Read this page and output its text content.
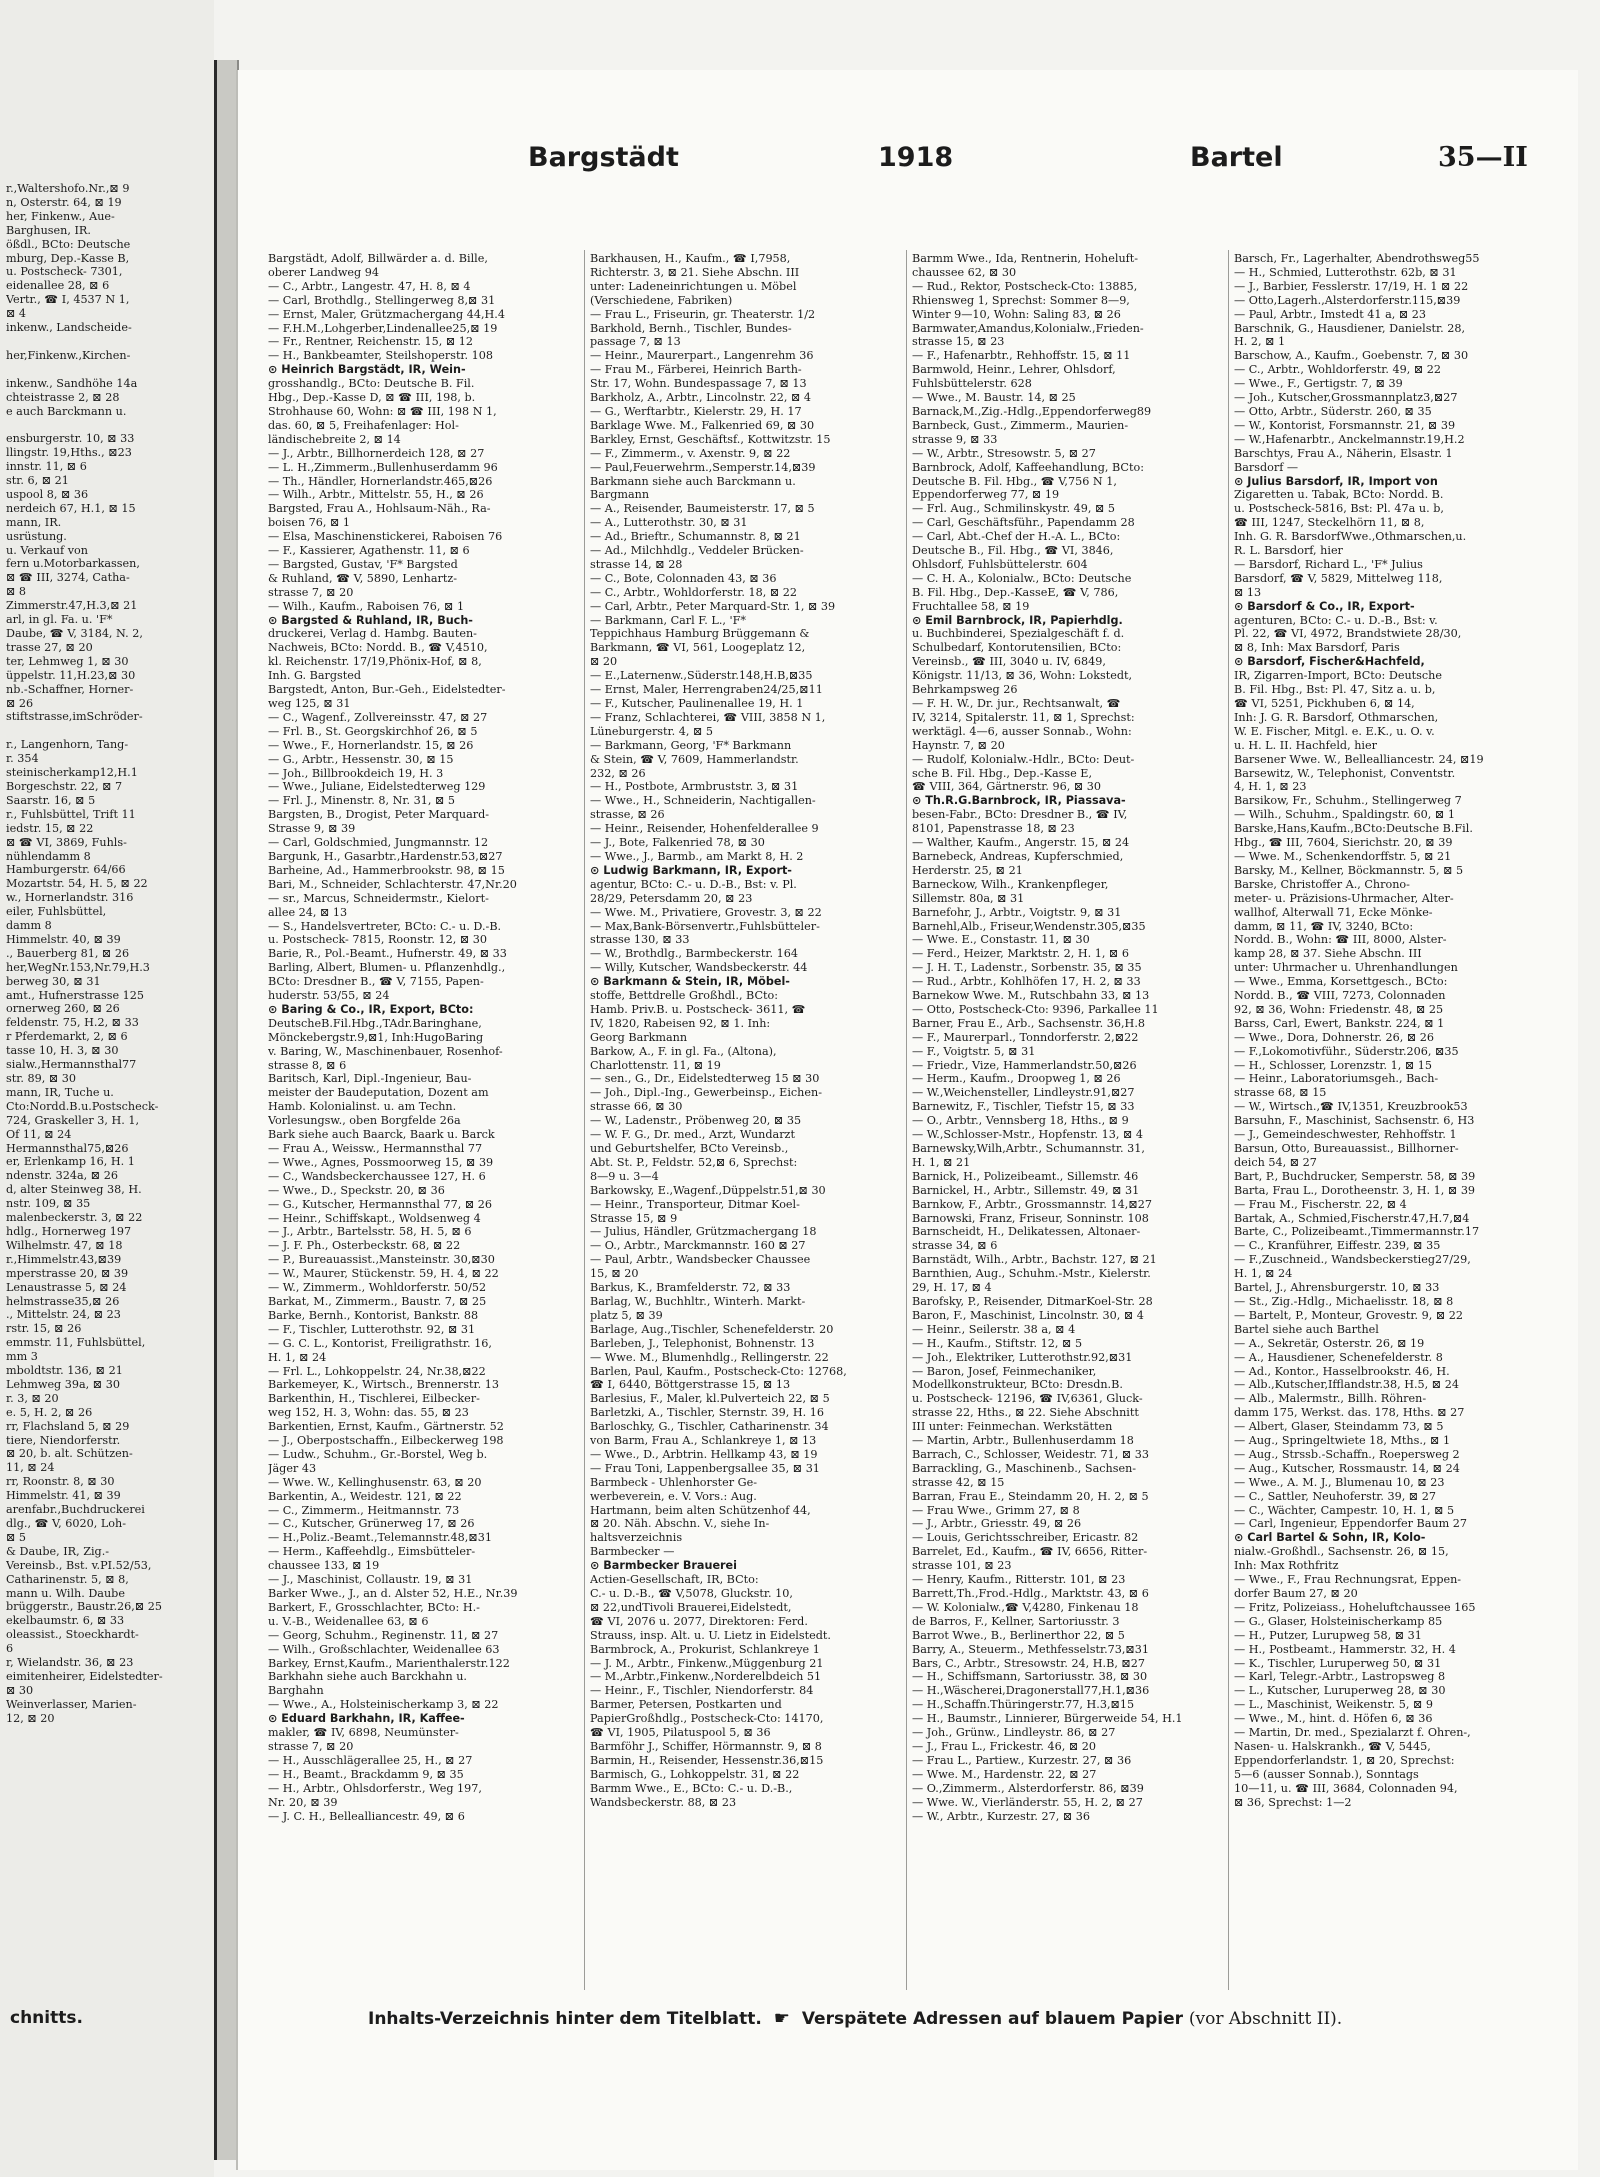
r.,Waltershofo.Nr.,⊠ 9
n, Osterstr. 64, ⊠ 19
her, Finkenw., Aue-
Barghusen, IR.
ößdl., BCto: Deutsche
mburg, Dep.-Kasse B,
u. Postscheck- 7301,
eidenallee 28, ⊠ 6
Vertr., ☎ I, 4537 N 1,
⊠ 4
inkenw., Landscheide-

her,Finkenw.,Kirchen-

inkenw., Sandhöhe 14a
chteistrasse 2, ⊠ 28
e auch Barckmann u.

ensburgerstr. 10, ⊠ 33
llingstr. 19,Hths., ⊠23
innstr. 11, ⊠ 6
str. 6, ⊠ 21
uspool 8, ⊠ 36
nerdeich 67, H.1, ⊠ 15
mann, IR.
usrüstung.
u. Verkauf von
fern u.Motorbarkassen,
⊠ ☎ III, 3274, Catha-
⊠ 8
Zimmerstr.47,H.3,⊠ 21
arl, in gl. Fa. u. 'F*
Daube, ☎ V, 3184, N. 2,
trasse 27, ⊠ 20
ter, Lehmweg 1, ⊠ 30
üppelstr. 11,H.23,⊠ 30
nb.-Schaffner, Horner-
⊠ 26
stiftstrasse,imSchröder-

r., Langenhorn, Tang-
r. 354
steinischerkamp12,H.1
Borgeschstr. 22, ⊠ 7
Saarstr. 16, ⊠ 5
r., Fuhlsbüttel, Trift 11
iedstr. 15, ⊠ 22
⊠ ☎ VI, 3869, Fuhls-
nühlendamm 8
Hamburgerstr. 64/66
Mozartstr. 54, H. 5, ⊠ 22
w., Hornerlandstr. 316
eiler, Fuhlsbüttel,
damm 8
Himmelstr. 40, ⊠ 39
., Bauerberg 81, ⊠ 26
her,WegNr.153,Nr.79,H.3
berweg 30, ⊠ 31
amt., Hufnerstrasse 125
ornerweg 260, ⊠ 26
feldenstr. 75, H.2, ⊠ 33
r Pferdemarkt, 2, ⊠ 6
tasse 10, H. 3, ⊠ 30
sialw.,Hermannsthal77
str. 89, ⊠ 30
mann, IR, Tuche u.
Cto:Nordd.B.u.Postscheck-
724, Graskeller 3, H. 1,
Of 11, ⊠ 24
Hermannsthal75,⊠26
er, Erlenkamp 16, H. 1
ndenstr. 324a, ⊠ 26
d, alter Steinweg 38, H.
nstr. 109, ⊠ 35
malenbeckerstr. 3, ⊠ 22
hdlg., Hornerweg 197
Wilhelmstr. 47, ⊠ 18
r.,Himmelstr.43,⊠39
mperstrasse 20, ⊠ 39
Lenaustrasse 5, ⊠ 24
helmstrasse35,⊠ 26
., Mittelstr. 24, ⊠ 23
rstr. 15, ⊠ 26
emmstr. 11, Fuhlsbüttel,
mm 3
mboldtstr. 136, ⊠ 21
Lehmweg 39a, ⊠ 30
r. 3, ⊠ 20
e. 5, H. 2, ⊠ 26
rr, Flachsland 5, ⊠ 29
tiere, Niendorferstr.
⊠ 20, b. alt. Schützen-
11, ⊠ 24
rr, Roonstr. 8, ⊠ 30
Himmelstr. 41, ⊠ 39
arenfabr.,Buchdruckerei
dlg., ☎ V, 6020, Loh-
⊠ 5
& Daube, IR, Zig.-
Vereinsb., Bst. v.PI.52/53,
Catharinenstr. 5, ⊠ 8,
mann u. Wilh. Daube
brüggerstr., Baustr.26,⊠ 25
ekelbaumstr. 6, ⊠ 33
oleassist., Stoeckhardt-
6
r, Wielandstr. 36, ⊠ 23
eimitenheirer, Eidelstedter-
⊠ 30
Weinverlasser, Marien-
12, ⊠ 20
chnitts.
Bargstädt	1918	Bartel	35—II
Bargstädt, Adolf, Billwärder a. d. Bille,
oberer Landweg 94
— C., Arbtr., Langestr. 47, H. 8, ⊠ 4
— Carl, Brothdlg., Stellingerweg 8,⊠ 31
— Ernst, Maler, Grützmachergang 44,H.4
— F.H.M.,Lohgerber,Lindenallee25,⊠ 19
— Fr., Rentner, Reichenstr. 15, ⊠ 12
— H., Bankbeamter, Steilshoperstr. 108
⊙ Heinrich Bargstädt, IR, Wein-
grosshandlg., BCto: Deutsche B. Fil.
Hbg., Dep.-Kasse D, ⊠ ☎ III, 198, b.
Strohhause 60, Wohn: ⊠ ☎ III, 198 N 1,
das. 60, ⊠ 5, Freihafenlager: Hol-
ländischebreite 2, ⊠ 14
— J., Arbtr., Billhornerdeich 128, ⊠ 27
— L. H.,Zimmerm.,Bullenhuserdamm 96
— Th., Händler, Hornerlandstr.465,⊠26
— Wilh., Arbtr., Mittelstr. 55, H., ⊠ 26
Bargsted, Frau A., Hohlsaum-Näh., Ra-
boisen 76, ⊠ 1
— Elsa, Maschinenstickerei, Raboisen 76
— F., Kassierer, Agathenstr. 11, ⊠ 6
— Bargsted, Gustav, 'F* Bargsted
& Ruhland, ☎ V, 5890, Lenhartz-
strasse 7, ⊠ 20
— Wilh., Kaufm., Raboisen 76, ⊠ 1
⊙ Bargsted & Ruhland, IR, Buch-
druckerei, Verlag d. Hambg. Bauten-
Nachweis, BCto: Nordd. B., ☎ V,4510,
kl. Reichenstr. 17/19,Phönix-Hof, ⊠ 8,
Inh. G. Bargsted
Bargstedt, Anton, Bur.-Geh., Eidelstedter-
weg 125, ⊠ 31
— C., Wagenf., Zollvereinsstr. 47, ⊠ 27
— Frl. B., St. Georgskirchhof 26, ⊠ 5
— Wwe., F., Hornerlandstr. 15, ⊠ 26
— G., Arbtr., Hessenstr. 30, ⊠ 15
— Joh., Billbrookdeich 19, H. 3
— Wwe., Juliane, Eidelstedterweg 129
— Frl. J., Minenstr. 8, Nr. 31, ⊠ 5
Bargsten, B., Drogist, Peter Marquard-
Strasse 9, ⊠ 39
— Carl, Goldschmied, Jungmannstr. 12
Bargunk, H., Gasarbtr.,Hardenstr.53,⊠27
Barheine, Ad., Hammerbrookstr. 98, ⊠ 15
Bari, M., Schneider, Schlachterstr. 47,Nr.20
— sr., Marcus, Schneidermstr., Kielort-
allee 24, ⊠ 13
— S., Handelsvertreter, BCto: C.- u. D.-B.
u. Postscheck- 7815, Roonstr. 12, ⊠ 30
Barie, R., Pol.-Beamt., Hufnerstr. 49, ⊠ 33
Barling, Albert, Blumen- u. Pflanzenhdlg.,
BCto: Dresdner B., ☎ V, 7155, Papen-
huderstr. 53/55, ⊠ 24
⊙ Baring & Co., IR, Export, BCto:
DeutscheB.Fil.Hbg.,TAdr.Baringhane,
Mönckebergstr.9,⊠1, Inh:HugoBaring
v. Baring, W., Maschinenbauer, Rosenhof-
strasse 8, ⊠ 6
Baritsch, Karl, Dipl.-Ingenieur, Bau-
meister der Baudeputation, Dozent am
Hamb. Kolonialinst. u. am Techn.
Vorlesungsw., oben Borgfelde 26a
Bark siehe auch Baarck, Baark u. Barck
— Frau A., Weissw., Hermannsthal 77
— Wwe., Agnes, Possmoorweg 15, ⊠ 39
— C., Wandsbeckerchaussee 127, H. 6
— Wwe., D., Speckstr. 20, ⊠ 36
— G., Kutscher, Hermannsthal 77, ⊠ 26
— Heinr., Schiffskapt., Woldsenweg 4
— J., Arbtr., Bartelsstr. 58, H. 5, ⊠ 6
— J. F. Ph., Osterbeckstr. 68, ⊠ 22
— P., Bureauassist.,Mansteinstr. 30,⊠30
— W., Maurer, Stückenstr. 59, H. 4, ⊠ 22
— W., Zimmerm., Wohldorferstr. 50/52
Barkat, M., Zimmerm., Baustr. 7, ⊠ 25
Barke, Bernh., Kontorist, Bankstr. 88
— F., Tischler, Lutterothstr. 92, ⊠ 31
— G. C. L., Kontorist, Freiligrathstr. 16,
H. 1, ⊠ 24
— Frl. L., Lohkoppelstr. 24, Nr.38,⊠22
Barkemeyer, K., Wirtsch., Brennerstr. 13
Barkenthin, H., Tischlerei, Eilbecker-
weg 152, H. 3, Wohn: das. 55, ⊠ 23
Barkentien, Ernst, Kaufm., Gärtnerstr. 52
— J., Oberpostschaffn., Eilbeckerweg 198
— Ludw., Schuhm., Gr.-Borstel, Weg b.
Jäger 43
— Wwe. W., Kellinghusenstr. 63, ⊠ 20
Barkentin, A., Weidestr. 121, ⊠ 22
— C., Zimmerm., Heitmannstr. 73
— C., Kutscher, Grünerweg 17, ⊠ 26
— H.,Poliz.-Beamt.,Telemannstr.48,⊠31
— Herm., Kaffeehdlg., Eimsbütteler-
chaussee 133, ⊠ 19
— J., Maschinist, Collaustr. 19, ⊠ 31
Barker Wwe., J., an d. Alster 52, H.E., Nr.39
Barkert, F., Grosschlachter, BCto: H.-
u. V.-B., Weidenallee 63, ⊠ 6
— Georg, Schuhm., Reginenstr. 11, ⊠ 27
— Wilh., Großschlachter, Weidenallee 63
Barkey, Ernst,Kaufm., Marienthalerstr.122
Barkhahn siehe auch Barckhahn u.
Barghahn
— Wwe., A., Holsteinischerkamp 3, ⊠ 22
⊙ Eduard Barkhahn, IR, Kaffee-
makler, ☎ IV, 6898, Neumünster-
strasse 7, ⊠ 20
— H., Ausschlägerallee 25, H., ⊠ 27
— H., Beamt., Brackdamm 9, ⊠ 35
— H., Arbtr., Ohlsdorferstr., Weg 197,
Nr. 20, ⊠ 39
— J. C. H., Bellealliancestr. 49, ⊠ 6
Barkhausen, H., Kaufm., ☎ I,7958,
Richterstr. 3, ⊠ 21. Siehe Abschn. III
unter: Ladeneinrichtungen u. Möbel
(Verschiedene, Fabriken)
— Frau L., Friseurin, gr. Theaterstr. 1/2
Barkhold, Bernh., Tischler, Bundes-
passage 7, ⊠ 13
— Heinr., Maurerpart., Langenrehm 36
— Frau M., Färberei, Heinrich Barth-
Str. 17, Wohn. Bundespassage 7, ⊠ 13
Barkholz, A., Arbtr., Lincolnstr. 22, ⊠ 4
— G., Werftarbtr., Kielerstr. 29, H. 17
Barklage Wwe. M., Falkenried 69, ⊠ 30
Barkley, Ernst, Geschäftsf., Kottwitzstr. 15
— F., Zimmerm., v. Axenstr. 9, ⊠ 22
— Paul,Feuerwehrm.,Semperstr.14,⊠39
Barkmann siehe auch Barckmann u.
Bargmann
— A., Reisender, Baumeisterstr. 17, ⊠ 5
— A., Lutterothstr. 30, ⊠ 31
— Ad., Brieftr., Schumannstr. 8, ⊠ 21
— Ad., Milchhdlg., Veddeler Brücken-
strasse 14, ⊠ 28
— C., Bote, Colonnaden 43, ⊠ 36
— C., Arbtr., Wohldorferstr. 18, ⊠ 22
— Carl, Arbtr., Peter Marquard-Str. 1, ⊠ 39
— Barkmann, Carl F. L., 'F*
Teppichhaus Hamburg Brüggemann &
Barkmann, ☎ VI, 561, Loogeplatz 12,
⊠ 20
— E.,Laternenw.,Süderstr.148,H.B,⊠35
— Ernst, Maler, Herrengraben24/25,⊠11
— F., Kutscher, Paulinenallee 19, H. 1
— Franz, Schlachterei, ☎ VIII, 3858 N 1,
Lüneburgerstr. 4, ⊠ 5
— Barkmann, Georg, 'F* Barkmann
& Stein, ☎ V, 7609, Hammerlandstr.
232, ⊠ 26
— H., Postbote, Armbruststr. 3, ⊠ 31
— Wwe., H., Schneiderin, Nachtigallen-
strasse, ⊠ 26
— Heinr., Reisender, Hohenfelderallee 9
— J., Bote, Falkenried 78, ⊠ 30
— Wwe., J., Barmb., am Markt 8, H. 2
⊙ Ludwig Barkmann, IR, Export-
agentur, BCto: C.- u. D.-B., Bst: v. Pl.
28/29, Petersdamm 20, ⊠ 23
— Wwe. M., Privatiere, Grovestr. 3, ⊠ 22
— Max,Bank-Börsenvertr.,Fuhlsbütteler-
strasse 130, ⊠ 33
— W., Brothdlg., Barmbeckerstr. 164
— Willy, Kutscher, Wandsbeckerstr. 44
⊙ Barkmann & Stein, IR, Möbel-
stoffe, Bettdrelle Großhdl., BCto:
Hamb. Priv.B. u. Postscheck- 3611, ☎
IV, 1820, Rabeisen 92, ⊠ 1. Inh:
Georg Barkmann
Barkow, A., F. in gl. Fa., (Altona),
Charlottenstr. 11, ⊠ 19
— sen., G., Dr., Eidelstedterweg 15 ⊠ 30
— Joh., Dipl.-Ing., Gewerbeinsp., Eichen-
strasse 66, ⊠ 30
— W., Ladenstr., Pröbenweg 20, ⊠ 35
— W. F. G., Dr. med., Arzt, Wundarzt
und Geburtshelfer, BCto Vereinsb.,
Abt. St. P., Feldstr. 52,⊠ 6, Sprechst:
8—9 u. 3—4
Barkowsky, E.,Wagenf.,Düppelstr.51,⊠ 30
— Heinr., Transporteur, Ditmar Koel-
Strasse 15, ⊠ 9
— Julius, Händler, Grützmachergang 18
— O., Arbtr., Marckmannstr. 160 ⊠ 27
— Paul, Arbtr., Wandsbecker Chaussee
15, ⊠ 20
Barkus, K., Bramfelderstr. 72, ⊠ 33
Barlag, W., Buchhltr., Winterh. Markt-
platz 5, ⊠ 39
Barlage, Aug.,Tischler, Schenefelderstr. 20
Barleben, J., Telephonist, Bohnenstr. 13
— Wwe. M., Blumenhdlg., Rellingerstr. 22
Barlen, Paul, Kaufm., Postscheck-Cto: 12768,
☎ I, 6440, Böttgerstrasse 15, ⊠ 13
Barlesius, F., Maler, kl.Pulverteich 22, ⊠ 5
Barletzki, A., Tischler, Sternstr. 39, H. 16
Barloschky, G., Tischler, Catharinenstr. 34
von Barm, Frau A., Schlankreye 1, ⊠ 13
— Wwe., D., Arbtrin. Hellkamp 43, ⊠ 19
— Frau Toni, Lappenbergsallee 35, ⊠ 31
Barmbeck - Uhlenhorster Ge-
werbeverein, e. V. Vors.: Aug.
Hartmann, beim alten Schützenhof 44,
⊠ 20. Näh. Abschn. V., siehe In-
haltsverzeichnis
Barmbecker —
⊙ Barmbecker Brauerei
Actien-Gesellschaft, IR, BCto:
C.- u. D.-B., ☎ V,5078, Gluckstr. 10,
⊠ 22,undTivoli Brauerei,Eidelstedt,
☎ VI, 2076 u. 2077, Direktoren: Ferd.
Strauss, insp. Alt. u. U. Lietz in Eidelstedt.
Barmbrock, A., Prokurist, Schlankreye 1
— J. M., Arbtr., Finkenw.,Müggenburg 21
— M.,Arbtr.,Finkenw.,Norderelbdeich 51
— Heinr., F., Tischler, Niendorferstr. 84
Barmer, Petersen, Postkarten und
PapierGroßhdlg., Postscheck-Cto: 14170,
☎ VI, 1905, Pilatuspool 5, ⊠ 36
Barmföhr J., Schiffer, Hörmannstr. 9, ⊠ 8
Barmin, H., Reisender, Hessenstr.36,⊠15
Barmisch, G., Lohkoppelstr. 31, ⊠ 22
Barmm Wwe., E., BCto: C.- u. D.-B.,
Wandsbeckerstr. 88, ⊠ 23
Barmm Wwe., Ida, Rentnerin, Hoheluft-
chaussee 62, ⊠ 30
— Rud., Rektor, Postscheck-Cto: 13885,
Rhiensweg 1, Sprechst: Sommer 8—9,
Winter 9—10, Wohn: Saling 83, ⊠ 26
Barmwater,Amandus,Kolonialw.,Frieden-
strasse 15, ⊠ 23
— F., Hafenarbtr., Rehhoffstr. 15, ⊠ 11
Barmwold, Heinr., Lehrer, Ohlsdorf,
Fuhlsbüttelerstr. 628
— Wwe., M. Baustr. 14, ⊠ 25
Barnack,M.,Zig.-Hdlg.,Eppendorferweg89
Barnbeck, Gust., Zimmerm., Maurien-
strasse 9, ⊠ 33
— W., Arbtr., Stresowstr. 5, ⊠ 27
Barnbrock, Adolf, Kaffeehandlung, BCto:
Deutsche B. Fil. Hbg., ☎ V,756 N 1,
Eppendorferweg 77, ⊠ 19
— Frl. Aug., Schmilinskystr. 49, ⊠ 5
— Carl, Geschäftsführ., Papendamm 28
— Carl, Abt.-Chef der H.-A. L., BCto:
Deutsche B., Fil. Hbg., ☎ VI, 3846,
Ohlsdorf, Fuhlsbüttelerstr. 604
— C. H. A., Kolonialw., BCto: Deutsche
B. Fil. Hbg., Dep.-KasseE, ☎ V, 786,
Fruchtallee 58, ⊠ 19
⊙ Emil Barnbrock, IR, Papierhdlg.
u. Buchbinderei, Spezialgeschäft f. d.
Schulbedarf, Kontorutensilien, BCto:
Vereinsb., ☎ III, 3040 u. IV, 6849,
Königstr. 11/13, ⊠ 36, Wohn: Lokstedt,
Behrkampsweg 26
— F. H. W., Dr. jur., Rechtsanwalt, ☎
IV, 3214, Spitalerstr. 11, ⊠ 1, Sprechst:
werktägl. 4—6, ausser Sonnab., Wohn:
Haynstr. 7, ⊠ 20
— Rudolf, Kolonialw.-Hdlr., BCto: Deut-
sche B. Fil. Hbg., Dep.-Kasse E,
☎ VIII, 364, Gärtnerstr. 96, ⊠ 30
⊙ Th.R.G.Barnbrock, IR, Piassava-
besen-Fabr., BCto: Dresdner B., ☎ IV,
8101, Papenstrasse 18, ⊠ 23
— Walther, Kaufm., Angerstr. 15, ⊠ 24
Barnebeck, Andreas, Kupferschmied,
Herderstr. 25, ⊠ 21
Barneckow, Wilh., Krankenpfleger,
Sillemstr. 80a, ⊠ 31
Barnefohr, J., Arbtr., Voigtstr. 9, ⊠ 31
Barnehl,Alb., Friseur,Wendenstr.305,⊠35
— Wwe. E., Constastr. 11, ⊠ 30
— Ferd., Heizer, Marktstr. 2, H. 1, ⊠ 6
— J. H. T., Ladenstr., Sorbenstr. 35, ⊠ 35
— Rud., Arbtr., Kohlhöfen 17, H. 2, ⊠ 33
Barnekow Wwe. M., Rutschbahn 33, ⊠ 13
— Otto, Postscheck-Cto: 9396, Parkallee 11
Barner, Frau E., Arb., Sachsenstr. 36,H.8
— F., Maurerparl., Tonndorferstr. 2,⊠22
— F., Voigtstr. 5, ⊠ 31
— Friedr., Vize, Hammerlandstr.50,⊠26
— Herm., Kaufm., Droopweg 1, ⊠ 26
— W.,Weichensteller, Lindleystr.91,⊠27
Barnewitz, F., Tischler, Tiefstr 15, ⊠ 33
— O., Arbtr., Vennsberg 18, Hths., ⊠ 9
— W.,Schlosser-Mstr., Hopfenstr. 13, ⊠ 4
Barnewsky,Wilh,Arbtr., Schumannstr. 31,
H. 1, ⊠ 21
Barnick, H., Polizeibeamt., Sillemstr. 46
Barnickel, H., Arbtr., Sillemstr. 49, ⊠ 31
Barnkow, F., Arbtr., Grossmannstr. 14,⊠27
Barnowski, Franz, Friseur, Sonninstr. 108
Barnscheidt, H., Delikatessen, Altonaer-
strasse 34, ⊠ 6
Barnstädt, Wilh., Arbtr., Bachstr. 127, ⊠ 21
Barnthien, Aug., Schuhm.-Mstr., Kielerstr.
29, H. 17, ⊠ 4
Barofsky, P., Reisender, DitmarKoel-Str. 28
Baron, F., Maschinist, Lincolnstr. 30, ⊠ 4
— Heinr., Seilerstr. 38 a, ⊠ 4
— H., Kaufm., Stiftstr. 12, ⊠ 5
— Joh., Elektriker, Lutterothstr.92,⊠31
— Baron, Josef, Feinmechaniker,
Modellkonstrukteur, BCto: Dresdn.B.
u. Postscheck- 12196, ☎ IV,6361, Gluck-
strasse 22, Hths., ⊠ 22. Siehe Abschnitt
III unter: Feinmechan. Werkstätten
— Martin, Arbtr., Bullenhuserdamm 18
Barrach, C., Schlosser, Weidestr. 71, ⊠ 33
Barrackling, G., Maschinenb., Sachsen-
strasse 42, ⊠ 15
Barran, Frau E., Steindamm 20, H. 2, ⊠ 5
— Frau Wwe., Grimm 27, ⊠ 8
— J., Arbtr., Griesstr. 49, ⊠ 26
— Louis, Gerichtsschreiber, Ericastr. 82
Barrelet, Ed., Kaufm., ☎ IV, 6656, Ritter-
strasse 101, ⊠ 23
— Henry, Kaufm., Ritterstr. 101, ⊠ 23
Barrett,Th.,Frod.-Hdlg., Marktstr. 43, ⊠ 6
— W. Kolonialw.,☎ V,4280, Finkenau 18
de Barros, F., Kellner, Sartoriusstr. 3
Barrot Wwe., B., Berlinerthor 22, ⊠ 5
Barry, A., Steuerm., Methfesselstr.73,⊠31
Bars, C., Arbtr., Stresowstr. 24, H.B, ⊠27
— H., Schiffsmann, Sartoriusstr. 38, ⊠ 30
— H.,Wäscherei,Dragonerstall77,H.1,⊠36
— H.,Schaffn.Thüringerstr.77, H.3,⊠15
— H., Baumstr., Linnierer, Bürgerweide 54, H.1
— Joh., Grünw., Lindleystr. 86, ⊠ 27
— J., Frau L., Frickestr. 46, ⊠ 20
— Frau L., Partiew., Kurzestr. 27, ⊠ 36
— Wwe. M., Hardenstr. 22, ⊠ 27
— O.,Zimmerm., Alsterdorferstr. 86, ⊠39
— Wwe. W., Vierländerstr. 55, H. 2, ⊠ 27
— W., Arbtr., Kurzestr. 27, ⊠ 36
Barsch, Fr., Lagerhalter, Abendrothsweg55
— H., Schmied, Lutterothstr. 62b, ⊠ 31
— J., Barbier, Fesslerstr. 17/19, H. 1 ⊠ 22
— Otto,Lagerh.,Alsterdorferstr.115,⊠39
— Paul, Arbtr., Imstedt 41 a, ⊠ 23
Barschnik, G., Hausdiener, Danielstr. 28,
H. 2, ⊠ 1
Barschow, A., Kaufm., Goebenstr. 7, ⊠ 30
— C., Arbtr., Wohldorferstr. 49, ⊠ 22
— Wwe., F., Gertigstr. 7, ⊠ 39
— Joh., Kutscher,Grossmannplatz3,⊠27
— Otto, Arbtr., Süderstr. 260, ⊠ 35
— W., Kontorist, Forsmannstr. 21, ⊠ 39
— W.,Hafenarbtr., Anckelmannstr.19,H.2
Barschtys, Frau A., Näherin, Elsastr. 1
Barsdorf —
⊙ Julius Barsdorf, IR, Import von
Zigaretten u. Tabak, BCto: Nordd. B.
u. Postscheck-5816, Bst: Pl. 47a u. b,
☎ III, 1247, Steckelhörn 11, ⊠ 8,
Inh. G. R. BarsdorfWwe.,Othmarschen,u.
R. L. Barsdorf, hier
— Barsdorf, Richard L., 'F* Julius
Barsdorf, ☎ V, 5829, Mittelweg 118,
⊠ 13
⊙ Barsdorf & Co., IR, Export-
agenturen, BCto: C.- u. D.-B., Bst: v.
Pl. 22, ☎ VI, 4972, Brandstwiete 28/30,
⊠ 8, Inh: Max Barsdorf, Paris
⊙ Barsdorf, Fischer&Hachfeld,
IR, Zigarren-Import, BCto: Deutsche
B. Fil. Hbg., Bst: Pl. 47, Sitz a. u. b,
☎ VI, 5251, Pickhuben 6, ⊠ 14,
Inh: J. G. R. Barsdorf, Othmarschen,
W. E. Fischer, Mitgl. e. E.K., u. O. v.
u. H. L. II. Hachfeld, hier
Barsener Wwe. W., Bellealliancestr. 24, ⊠19
Barsewitz, W., Telephonist, Conventstr.
4, H. 1, ⊠ 23
Barsikow, Fr., Schuhm., Stellingerweg 7
— Wilh., Schuhm., Spaldingstr. 60, ⊠ 1
Barske,Hans,Kaufm.,BCto:Deutsche B.Fil.
Hbg., ☎ III, 7604, Sierichstr. 20, ⊠ 39
— Wwe. M., Schenkendorffstr. 5, ⊠ 21
Barsky, M., Kellner, Böckmannstr. 5, ⊠ 5
Barske, Christoffer A., Chrono-
meter- u. Präzisions-Uhrmacher, Alter-
wallhof, Alterwall 71, Ecke Mönke-
damm, ⊠ 11, ☎ IV, 3240, BCto:
Nordd. B., Wohn: ☎ III, 8000, Alster-
kamp 28, ⊠ 37. Siehe Abschn. III
unter: Uhrmacher u. Uhrenhandlungen
— Wwe., Emma, Korsettgesch., BCto:
Nordd. B., ☎ VIII, 7273, Colonnaden
92, ⊠ 36, Wohn: Friedenstr. 48, ⊠ 25
Barss, Carl, Ewert, Bankstr. 224, ⊠ 1
— Wwe., Dora, Dohnerstr. 26, ⊠ 26
— F.,Lokomotivführ., Süderstr.206, ⊠35
— H., Schlosser, Lorenzstr. 1, ⊠ 15
— Heinr., Laboratoriumsgeh., Bach-
strasse 68, ⊠ 15
— W., Wirtsch.,☎ IV,1351, Kreuzbrook53
Barsuhn, F., Maschinist, Sachsenstr. 6, H3
— J., Gemeindeschwester, Rehhoffstr. 1
Barsun, Otto, Bureauassist., Billhorner-
deich 54, ⊠ 27
Bart, P., Buchdrucker, Semperstr. 58, ⊠ 39
Barta, Frau L., Dorotheenstr. 3, H. 1, ⊠ 39
— Frau M., Fischerstr. 22, ⊠ 4
Bartak, A., Schmied,Fischerstr.47,H.7,⊠4
Barte, C., Polizeibeamt.,Timmermannstr.17
— C., Kranführer, Eiffestr. 239, ⊠ 35
— F.,Zuschneid., Wandsbeckerstieg27/29,
H. 1, ⊠ 24
Bartel, J., Ahrensburgerstr. 10, ⊠ 33
— St., Zig.-Hdlg., Michaelisstr. 18, ⊠ 8
— Bartelt, P., Monteur, Grovestr. 9, ⊠ 22
Bartel siehe auch Barthel
— A., Sekretär, Osterstr. 26, ⊠ 19
— A., Hausdiener, Schenefelderstr. 8
— Ad., Kontor., Hasselbrookstr. 46, H.
— Alb.,Kutscher,Ifflandstr.38, H.5, ⊠ 24
— Alb., Malermstr., Billh. Röhren-
damm 175, Werkst. das. 178, Hths. ⊠ 27
— Albert, Glaser, Steindamm 73, ⊠ 5
— Aug., Springeltwiete 18, Mths., ⊠ 1
— Aug., Strssb.-Schaffn., Roepersweg 2
— Aug., Kutscher, Rossmaustr. 14, ⊠ 24
— Wwe., A. M. J., Blumenau 10, ⊠ 23
— C., Sattler, Neuhoferstr. 39, ⊠ 27
— C., Wächter, Campestr. 10, H. 1, ⊠ 5
— Carl, Ingenieur, Eppendorfer Baum 27
⊙ Carl Bartel & Sohn, IR, Kolo-
nialw.-Großhdl., Sachsenstr. 26, ⊠ 15,
Inh: Max Rothfritz
— Wwe., F., Frau Rechnungsrat, Eppen-
dorfer Baum 27, ⊠ 20
— Fritz, Polizeiass., Hoheluftchaussee 165
— G., Glaser, Holsteinischerkamp 85
— H., Putzer, Lurupweg 58, ⊠ 31
— H., Postbeamt., Hammerstr. 32, H. 4
— K., Tischler, Luruperweg 50, ⊠ 31
— Karl, Telegr.-Arbtr., Lastropsweg 8
— L., Kutscher, Luruperweg 28, ⊠ 30
— L., Maschinist, Weikenstr. 5, ⊠ 9
— Wwe., M., hint. d. Höfen 6, ⊠ 36
— Martin, Dr. med., Spezialarzt f. Ohren-,
Nasen- u. Halskrankh., ☎ V, 5445,
Eppendorferlandstr. 1, ⊠ 20, Sprechst:
5—6 (ausser Sonnab.), Sonntags
10—11, u. ☎ III, 3684, Colonnaden 94,
⊠ 36, Sprechst: 1—2
Inhalts-Verzeichnis hinter dem Titelblatt. ☛ Verspätete Adressen auf blauem Papier (vor Abschnitt II).
